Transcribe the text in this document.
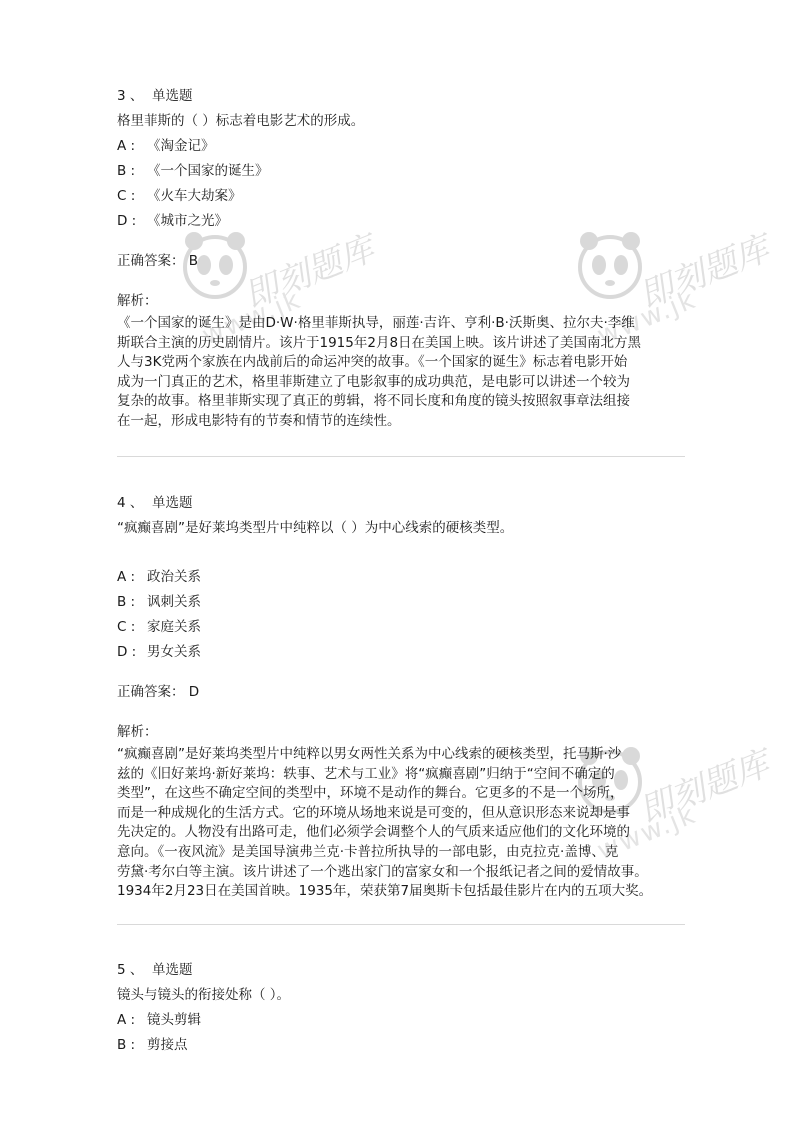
即刻题库
www.jk
即刻题库
www.jk
即刻题库
www.jk
3 、 单选题
格里菲斯的（ ）标志着电影艺术的形成。
A : 《淘金记》
B : 《一个国家的诞生》
C : 《火车大劫案》
D : 《城市之光》
正确答案： B
解析：
《一个国家的诞生》是由D·W·格里菲斯执导，丽莲·吉许、亨利·B·沃斯奥、拉尔夫·李维
斯联合主演的历史剧情片。该片于1915年2月8日在美国上映。该片讲述了美国南北方黑
人与3K党两个家族在内战前后的命运冲突的故事。《一个国家的诞生》标志着电影开始
成为一门真正的艺术，格里菲斯建立了电影叙事的成功典范，是电影可以讲述一个较为
复杂的故事。格里菲斯实现了真正的剪辑，将不同长度和角度的镜头按照叙事章法组接
在一起，形成电影特有的节奏和情节的连续性。
4 、 单选题
“疯癫喜剧”是好莱坞类型片中纯粹以（ ）为中心线索的硬核类型。
A : 政治关系
B : 讽刺关系
C : 家庭关系
D : 男女关系
正确答案： D
解析：
“疯癫喜剧”是好莱坞类型片中纯粹以男女两性关系为中心线索的硬核类型，托马斯·沙
兹的《旧好莱坞·新好莱坞：轶事、艺术与工业》将“疯癫喜剧”归纳于“空间不确定的
类型”，在这些不确定空间的类型中，环境不是动作的舞台。它更多的不是一个场所，
而是一种成规化的生活方式。它的环境从场地来说是可变的，但从意识形态来说却是事
先决定的。人物没有出路可走，他们必须学会调整个人的气质来适应他们的文化环境的
意向。《一夜风流》是美国导演弗兰克·卡普拉所执导的一部电影，由克拉克·盖博、克
劳黛·考尔白等主演。该片讲述了一个逃出家门的富家女和一个报纸记者之间的爱情故事。
1934年2月23日在美国首映。1935年，荣获第7届奥斯卡包括最佳影片在内的五项大奖。
5 、 单选题
镜头与镜头的衔接处称（ ）。
A : 镜头剪辑
B : 剪接点
